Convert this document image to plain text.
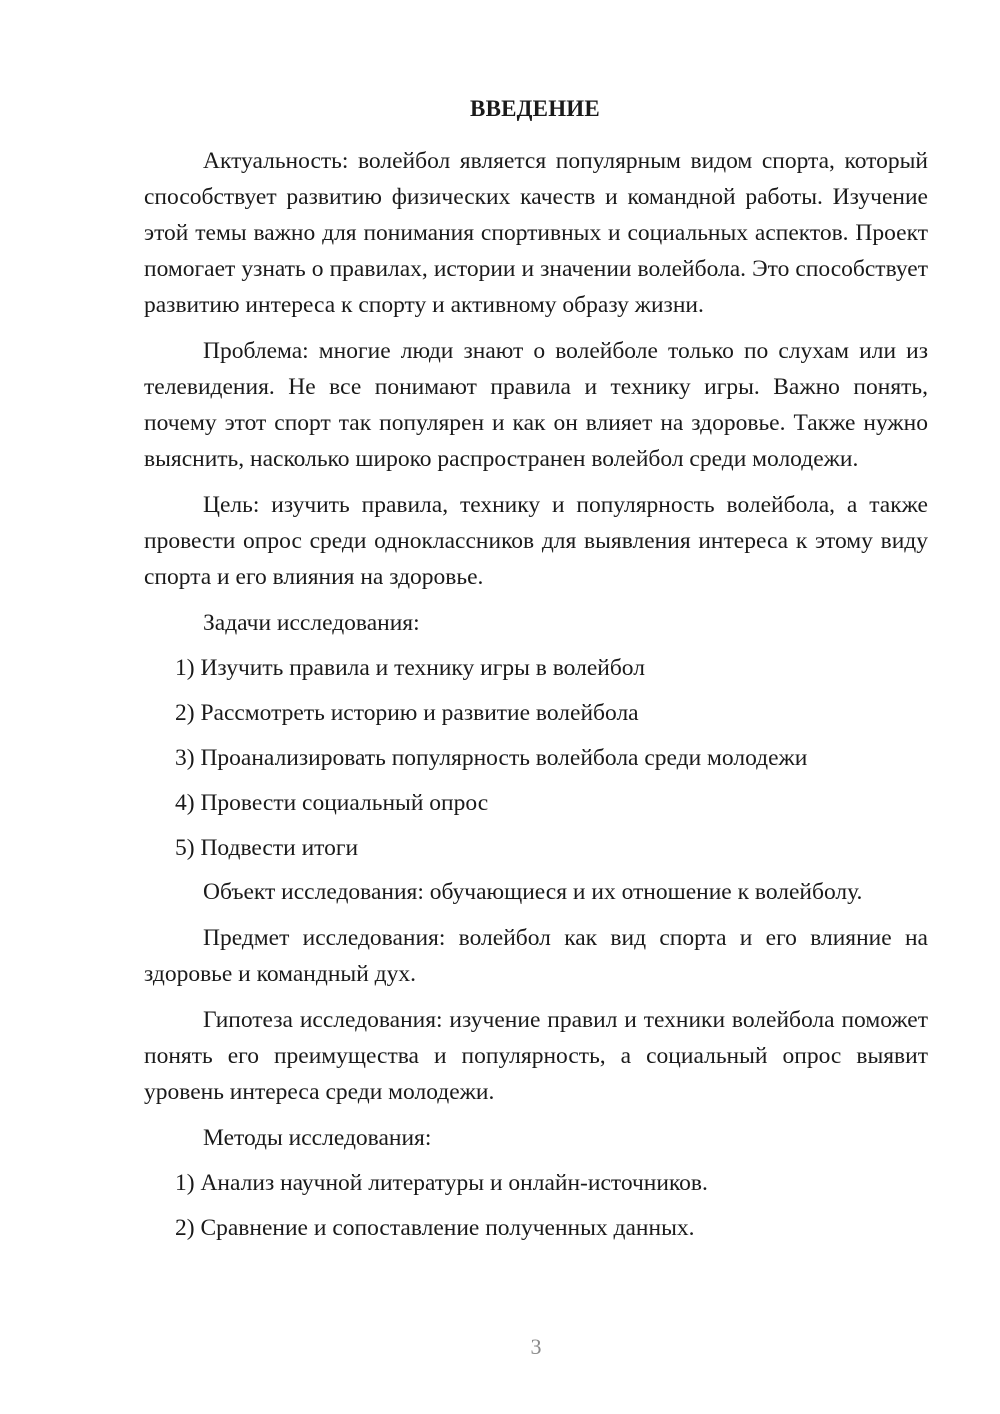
ВВЕДЕНИЕ

Актуальность: волейбол является популярным видом спорта, который способствует развитию физических качеств и командной работы. Изучение этой темы важно для понимания спортивных и социальных аспектов. Проект помогает узнать о правилах, истории и значении волейбола. Это способствует развитию интереса к спорту и активному образу жизни.

Проблема: многие люди знают о волейболе только по слухам или из телевидения. Не все понимают правила и технику игры. Важно понять, почему этот спорт так популярен и как он влияет на здоровье. Также нужно выяснить, насколько широко распространен волейбол среди молодежи.

Цель: изучить правила, технику и популярность волейбола, а также провести опрос среди одноклассников для выявления интереса к этому виду спорта и его влияния на здоровье.

Задачи исследования:

1) Изучить правила и технику игры в волейбол

2) Рассмотреть историю и развитие волейбола

3) Проанализировать популярность волейбола среди молодежи

4) Провести социальный опрос

5) Подвести итоги

Объект исследования: обучающиеся и их отношение к волейболу.

Предмет исследования: волейбол как вид спорта и его влияние на здоровье и командный дух.

Гипотеза исследования: изучение правил и техники волейбола поможет понять его преимущества и популярность, а социальный опрос выявит уровень интереса среди молодежи.

Методы исследования:

1) Анализ научной литературы и онлайн-источников.

2) Сравнение и сопоставление полученных данных.

3
